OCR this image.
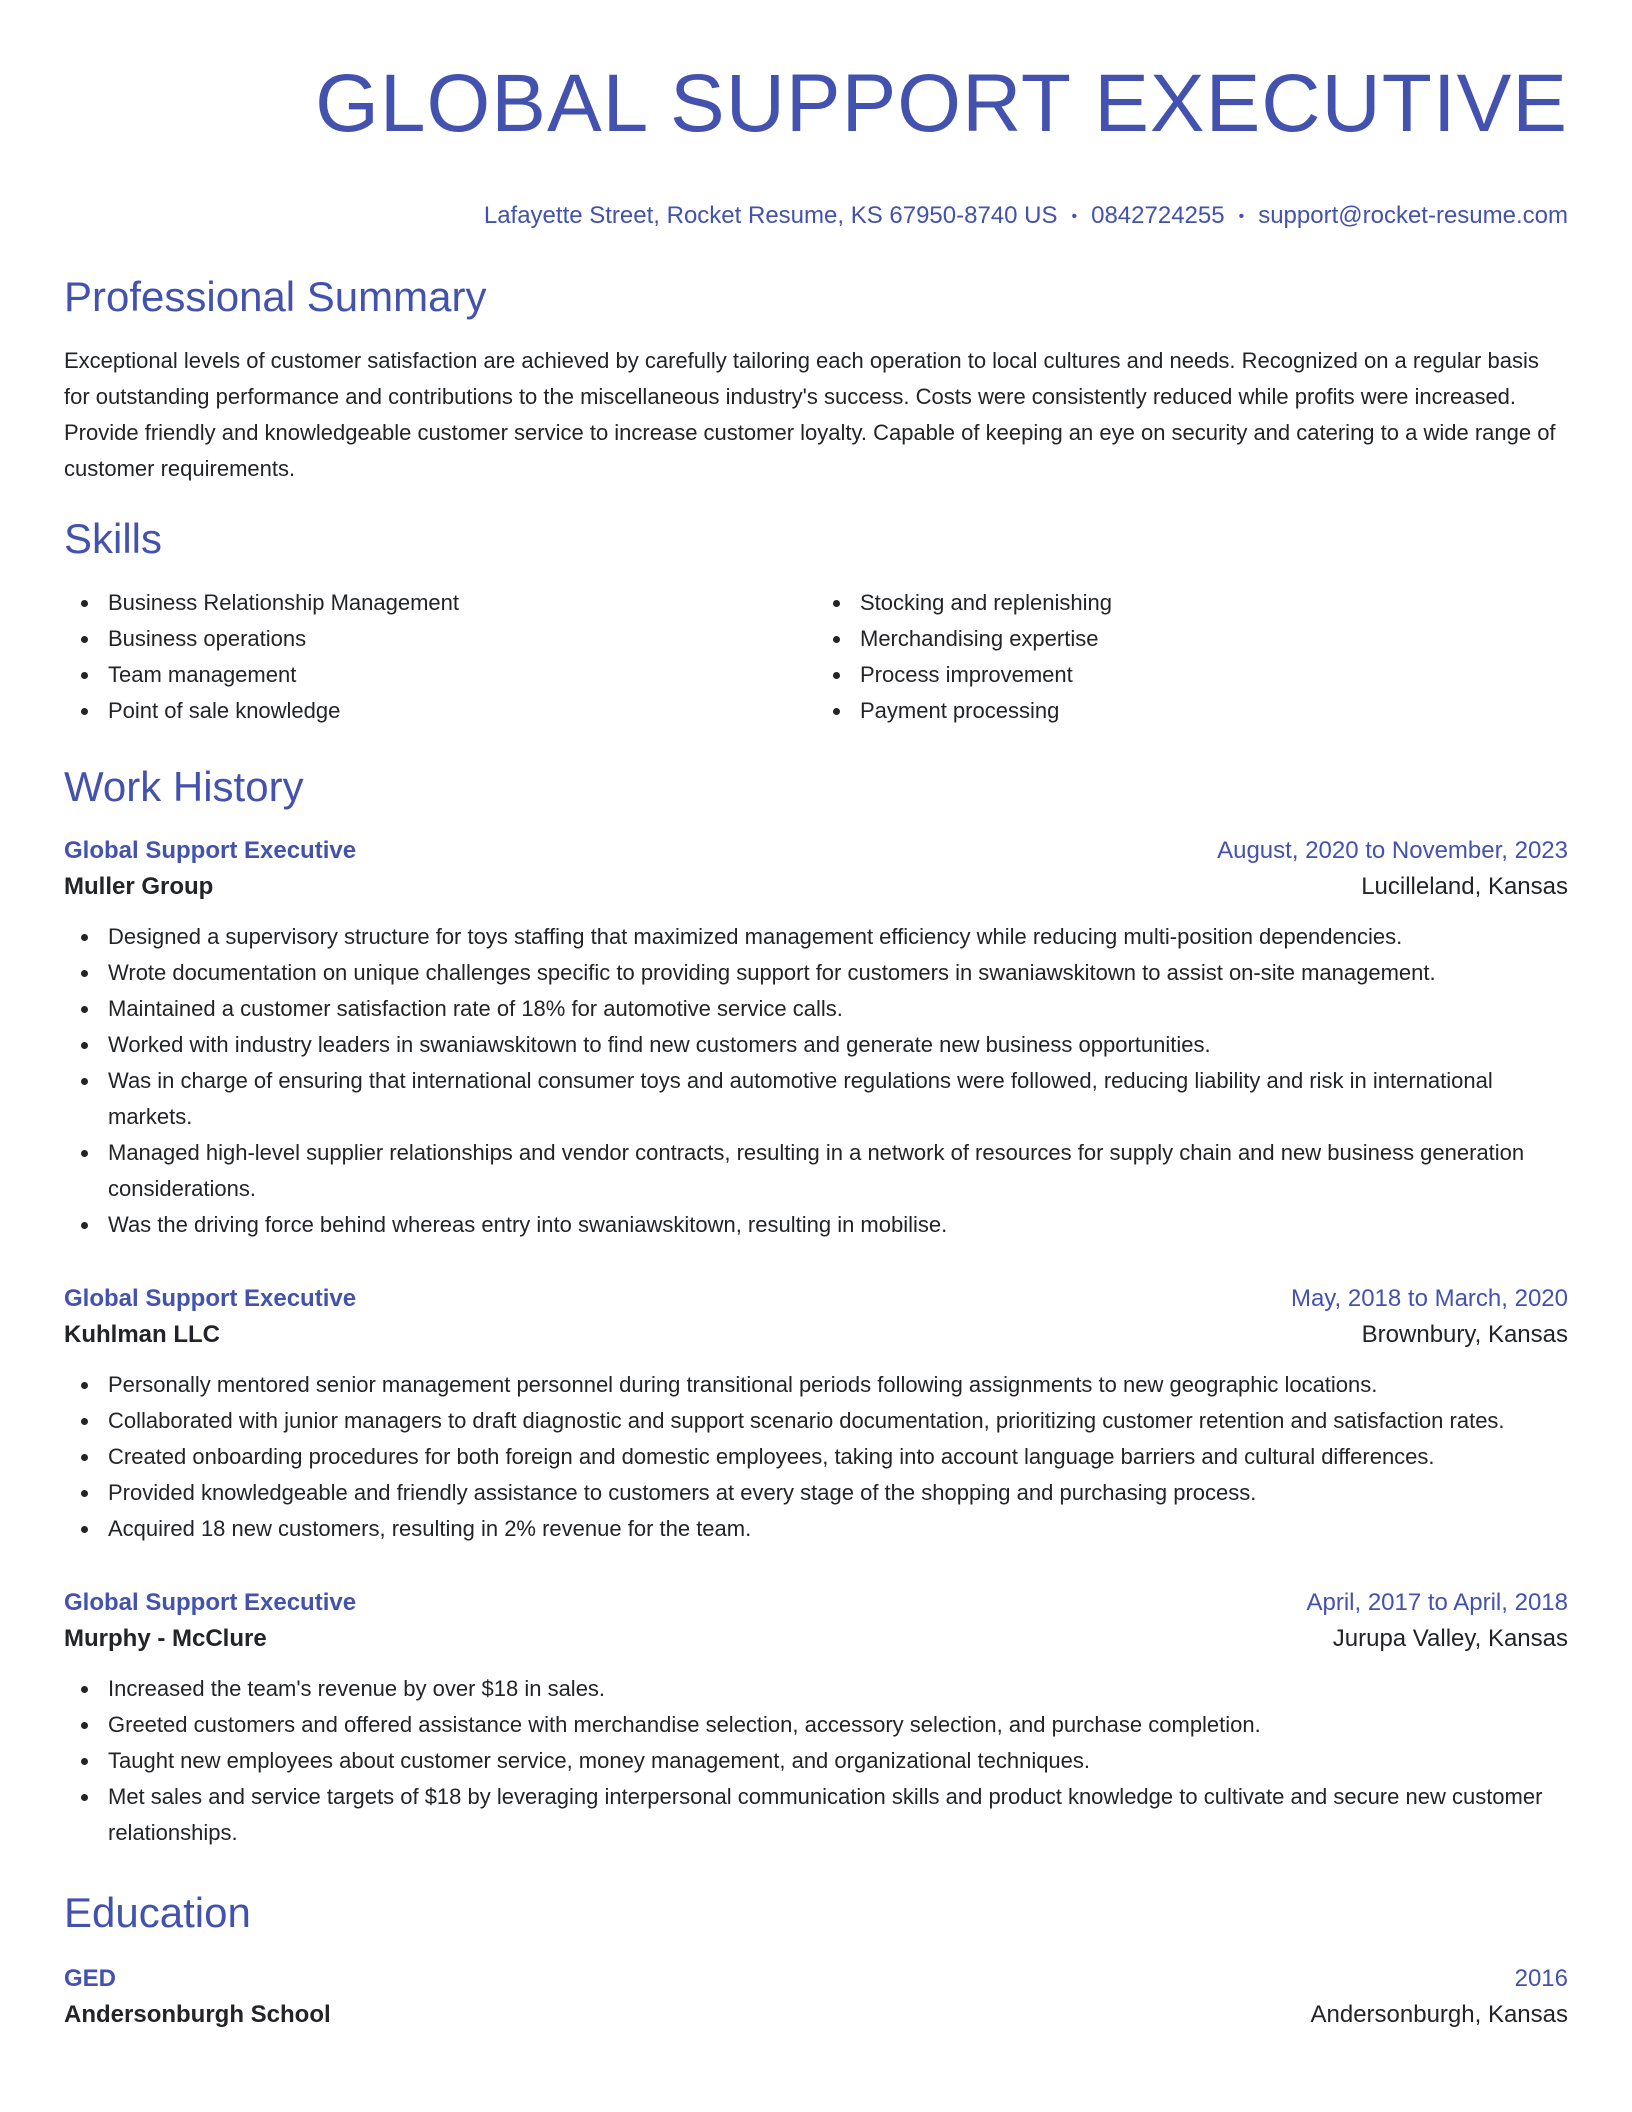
GLOBAL SUPPORT EXECUTIVE
Lafayette Street, Rocket Resume, KS 67950-8740 US • 0842724255 • support@rocket-resume.com
Professional Summary

Exceptional levels of customer satisfaction are achieved by carefully tailoring each operation to local cultures and needs. Recognized on a regular basis for outstanding performance and contributions to the miscellaneous industry's success. Costs were consistently reduced while profits were increased. Provide friendly and knowledgeable customer service to increase customer loyalty. Capable of keeping an eye on security and catering to a wide range of customer requirements.

Skills
Business Relationship Management
Business operations
Team management
Point of sale knowledge
Stocking and replenishing
Merchandising expertise
Process improvement
Payment processing
Work History
Global Support Executive	August, 2020 to November, 2023
Muller Group	Lucilleland, Kansas
Designed a supervisory structure for toys staffing that maximized management efficiency while reducing multi-position dependencies.
Wrote documentation on unique challenges specific to providing support for customers in swaniawskitown to assist on-site management.
Maintained a customer satisfaction rate of 18% for automotive service calls.
Worked with industry leaders in swaniawskitown to find new customers and generate new business opportunities.
Was in charge of ensuring that international consumer toys and automotive regulations were followed, reducing liability and risk in international markets.
Managed high-level supplier relationships and vendor contracts, resulting in a network of resources for supply chain and new business generation considerations.
Was the driving force behind whereas entry into swaniawskitown, resulting in mobilise.
Global Support Executive	May, 2018 to March, 2020
Kuhlman LLC	Brownbury, Kansas
Personally mentored senior management personnel during transitional periods following assignments to new geographic locations.
Collaborated with junior managers to draft diagnostic and support scenario documentation, prioritizing customer retention and satisfaction rates.
Created onboarding procedures for both foreign and domestic employees, taking into account language barriers and cultural differences.
Provided knowledgeable and friendly assistance to customers at every stage of the shopping and purchasing process.
Acquired 18 new customers, resulting in 2% revenue for the team.
Global Support Executive	April, 2017 to April, 2018
Murphy - McClure	Jurupa Valley, Kansas
Increased the team's revenue by over $18 in sales.
Greeted customers and offered assistance with merchandise selection, accessory selection, and purchase completion.
Taught new employees about customer service, money management, and organizational techniques.
Met sales and service targets of $18 by leveraging interpersonal communication skills and product knowledge to cultivate and secure new customer relationships.
Education
GED	2016
Andersonburgh School	Andersonburgh, Kansas
